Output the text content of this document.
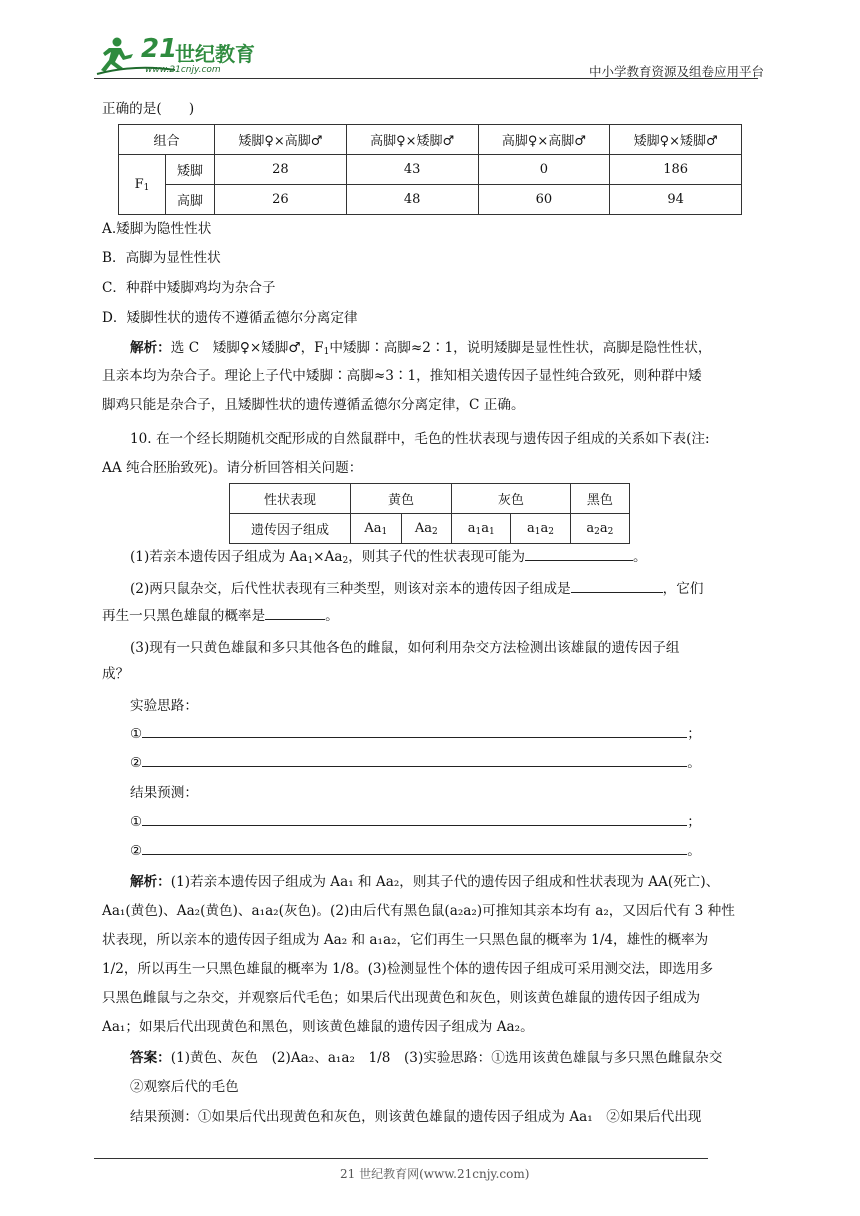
21
世纪教育
www.21cnjy.com	中小学教育资源及组卷应用平台
正确的是(　　)
组合		矮脚♀×高脚♂	高脚♀×矮脚♂	高脚♀×高脚♂	矮脚♀×矮脚♂
$F_1$	矮脚	28	43	0	186
	高脚	26	48	60	94
A.矮脚为隐性性状
B．高脚为显性性状
C．种群中矮脚鸡均为杂合子
D．矮脚性状的遗传不遵循孟德尔分离定律
解析：选 C　矮脚♀×矮脚♂，$F_1$中矮脚∶高脚≈2∶1，说明矮脚是显性性状，高脚是隐性性状，
且亲本均为杂合子。理论上子代中矮脚∶高脚≈3∶1，推知相关遗传因子显性纯合致死，则种群中矮
脚鸡只能是杂合子，且矮脚性状的遗传遵循孟德尔分离定律，C 正确。
10. 在一个经长期随机交配形成的自然鼠群中，毛色的性状表现与遗传因子组成的关系如下表(注:
AA 纯合胚胎致死)。请分析回答相关问题：
性状表现	黄色		灰色		黑色
遗传因子组成	$Aa_1$	$Aa_2$	$a_1a_1$	$a_1a_2$	$a_2a_2$
(1)若亲本遗传因子组成为 $Aa_1\times Aa_2$，则其子代的性状表现可能为	。
(2)两只鼠杂交，后代性状表现有三种类型，则该对亲本的遗传因子组成是	，它们
再生一只黑色雄鼠的概率是	。
(3)现有一只黄色雄鼠和多只其他各色的雌鼠，如何利用杂交方法检测出该雄鼠的遗传因子组
成？
实验思路：
①	；
②	。
结果预测：
①	；
②	。
解析：(1)若亲本遗传因子组成为 Aa₁ 和 Aa₂，则其子代的遗传因子组成和性状表现为 AA(死亡)、
Aa₁(黄色)、Aa₂(黄色)、a₁a₂(灰色)。(2)由后代有黑色鼠(a₂a₂)可推知其亲本均有 a₂，又因后代有 3 种性
状表现，所以亲本的遗传因子组成为 Aa₂ 和 a₁a₂，它们再生一只黑色鼠的概率为 1/4，雄性的概率为
1/2，所以再生一只黑色雄鼠的概率为 1/8。(3)检测显性个体的遗传因子组成可采用测交法，即选用多
只黑色雌鼠与之杂交，并观察后代毛色；如果后代出现黄色和灰色，则该黄色雄鼠的遗传因子组成为
Aa₁；如果后代出现黄色和黑色，则该黄色雄鼠的遗传因子组成为 Aa₂。
答案：(1)黄色、灰色　(2)Aa₂、a₁a₂　1/8　(3)实验思路：①选用该黄色雄鼠与多只黑色雌鼠杂交
②观察后代的毛色
结果预测：①如果后代出现黄色和灰色，则该黄色雄鼠的遗传因子组成为 Aa₁　②如果后代出现
21 世纪教育网(www.21cnjy.com)
